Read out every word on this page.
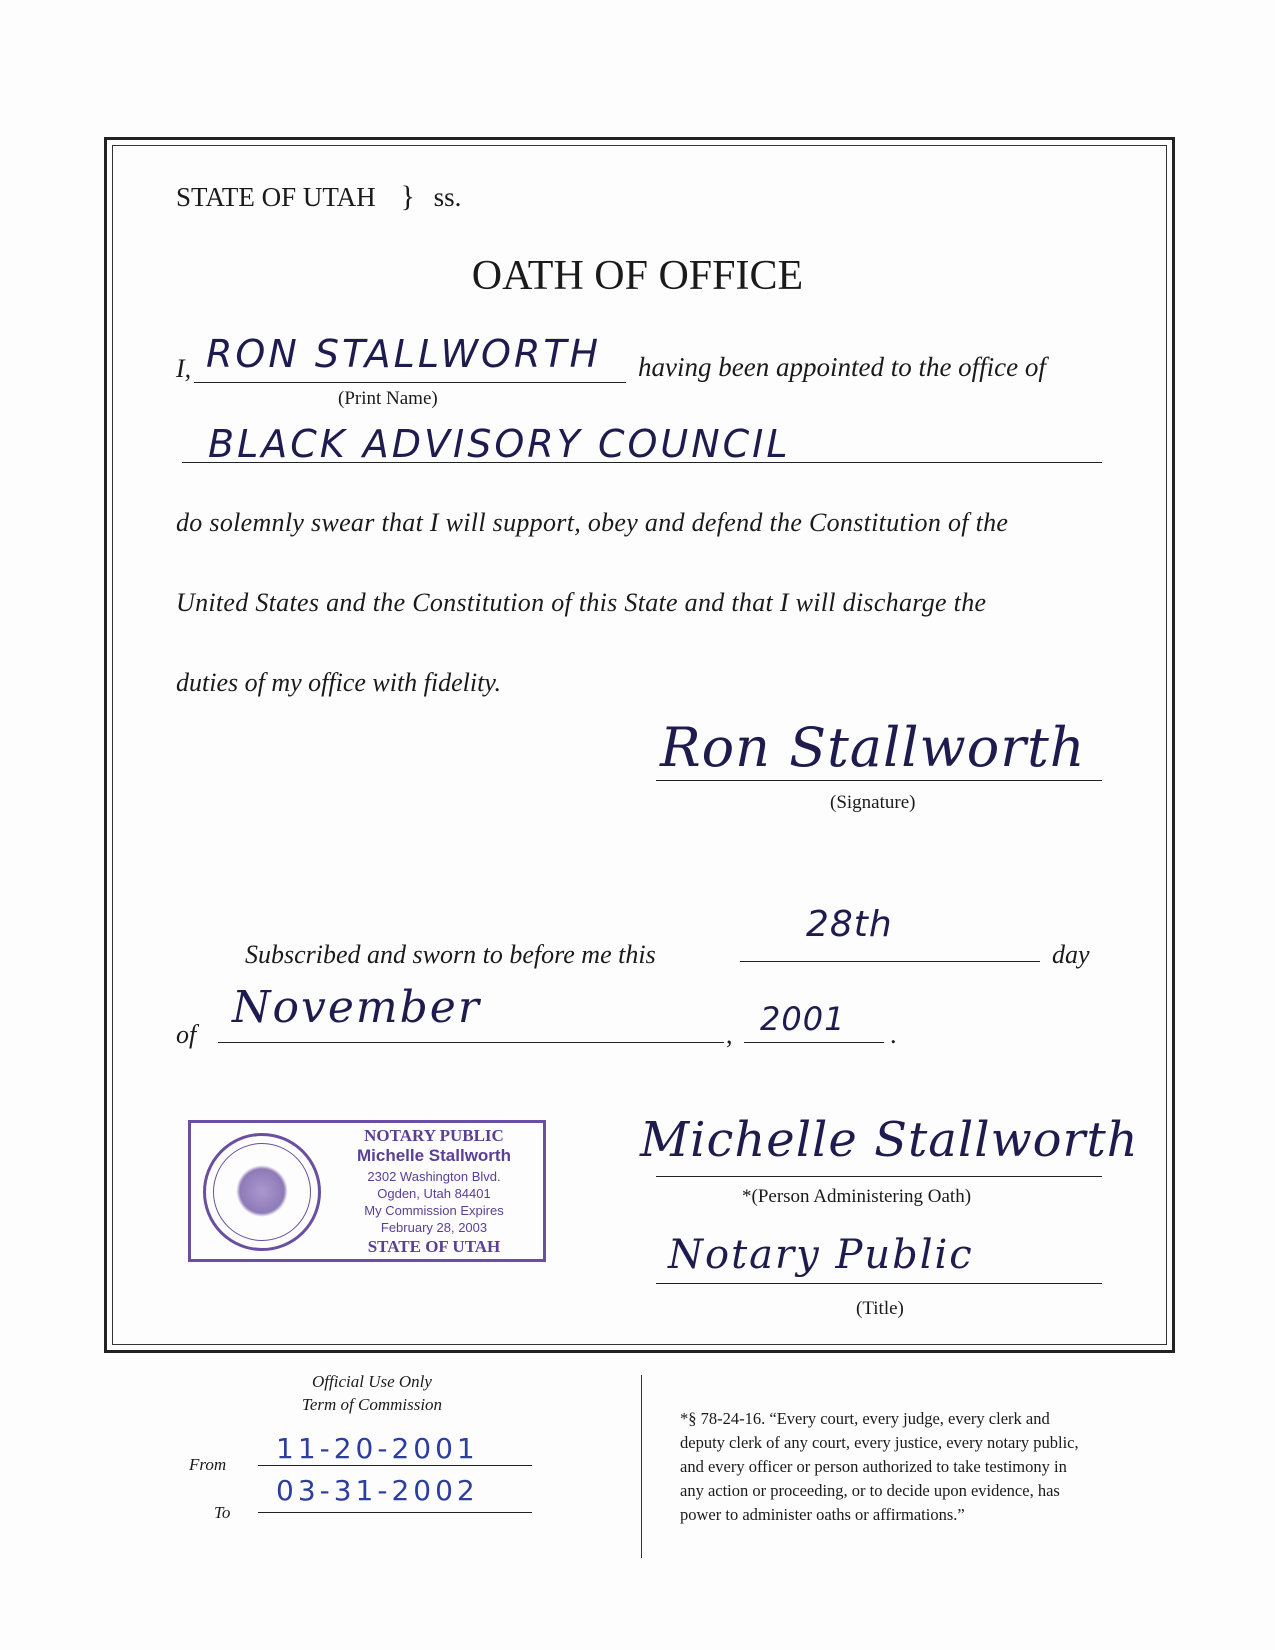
STATE OF UTAH } ss.
OATH OF OFFICE
I, RON STALLWORTH having been appointed to the office of
(Print Name)
BLACK ADVISORY COUNCIL
do solemnly swear that I will support, obey and defend the Constitution of the
United States and the Constitution of this State and that I will discharge the
duties of my office with fidelity.
Ron Stallworth
(Signature)
Subscribed and sworn to before me this
28th
day
of
November
, 2001 .
NOTARY PUBLIC
Michelle Stallworth
2302 Washington Blvd.
Ogden, Utah 84401
My Commission Expires
February 28, 2003
STATE OF UTAH
Michelle Stallworth
*(Person Administering Oath)
Notary Public
(Title)
Official Use Only
Term of Commission
From 11-20-2001
To
03-31-2002
*§ 78-24-16. “Every court, every judge, every clerk and
deputy clerk of any court, every justice, every notary public,
and every officer or person authorized to take testimony in
any action or proceeding, or to decide upon evidence, has
power to administer oaths or affirmations.”
